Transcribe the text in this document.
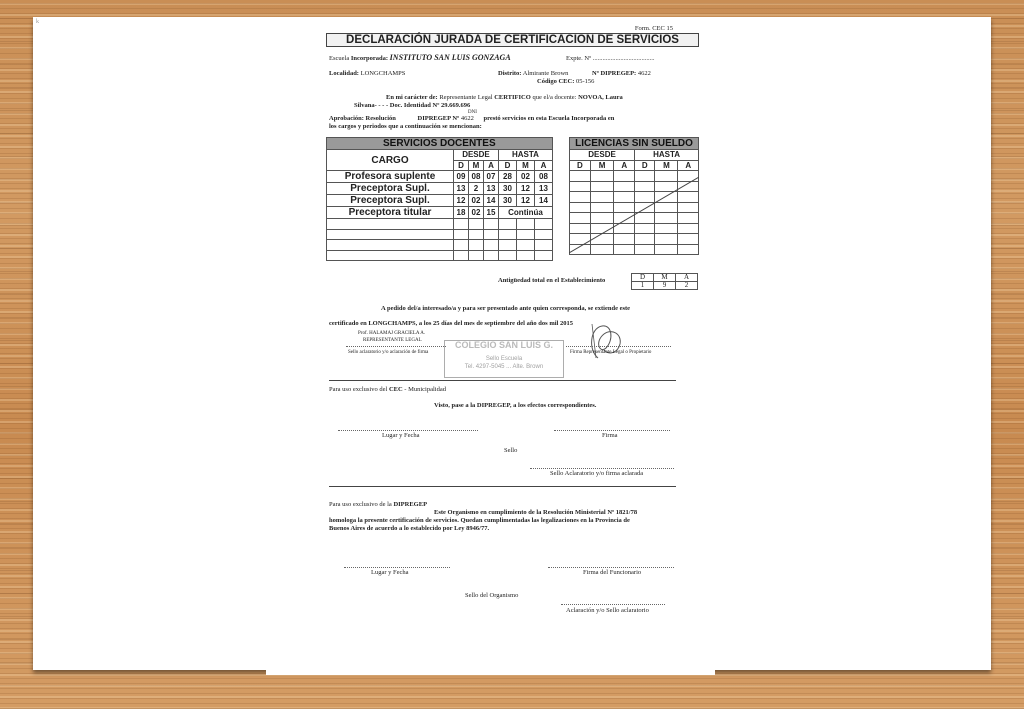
k
Form. CEC 15
DECLARACIÓN JURADA DE CERTIFICACION DE SERVICIOS
Escuela Incorporada: INSTITUTO SAN LUIS GONZAGA	Expte. Nº ......................................
Localidad: LONGCHAMPS	Distrito: Almirante Brown	Nº DIPREGEP: 4622
Código CEC: 05-156
En mi carácter de: Representante Legal CERTIFICO que el/a docente: NOVOA, Laura
Silvana- - - - Doc. Identidad Nº 29.669.696
DNI
Aprobación: Resolución	DIPREGEP Nº 4622 prestó servicios en esta Escuela Incorporada en
los cargos y periodos que a continuación se mencionan:
SERVICIOS DOCENTES						
CARGO	DESDE			HASTA		
	D	M	A	D	M	A
Profesora suplente	09	08	07	28	02	08
Preceptora Supl.	13	2	13	30	12	13
Preceptora Supl.	12	02	14	30	12	14
Preceptora titular	18	02	15	Continúa		

LICENCIAS SIN SUELDO					
DESDE			HASTA		
D	M	A	D	M	A

Antigüedad total en el Establecimiento	D	M	A
1	9	2
A pedido del/a interesado/a y para ser presentado ante quien corresponda, se extiende este
certificado en LONGCHAMPS, a los 25 días del mes de septiembre del año dos mil 2015
Prof. HALAMAJ GRACIELA A.
REPRESENTANTE LEGAL
Sello aclaratorio y/o aclaración de firma
COLEGIO SAN LUIS G.
Sello Escuela
Tel. 4297-5045 ... Alte. Brown
Firma Representante Legal o Propietario
Para uso exclusivo del CEC - Municipalidad
Visto, pase a la DIPREGEP, a los efectos correspondientes.
Lugar y Fecha	Firma
Sello
Sello Aclaratorio y/o firma aclarada
Para uso exclusivo de la DIPREGEP
Este Organismo en cumplimiento de la Resolución Ministerial Nº 1821/78
homologa la presente certificación de servicios. Quedan cumplimentadas las legalizaciones en la Provincia de
Buenos Aires de acuerdo a lo establecido por Ley 8946/77.
Lugar y Fecha	Firma del Funcionario
Sello del Organismo
Aclaración y/o Sello aclaratorio
